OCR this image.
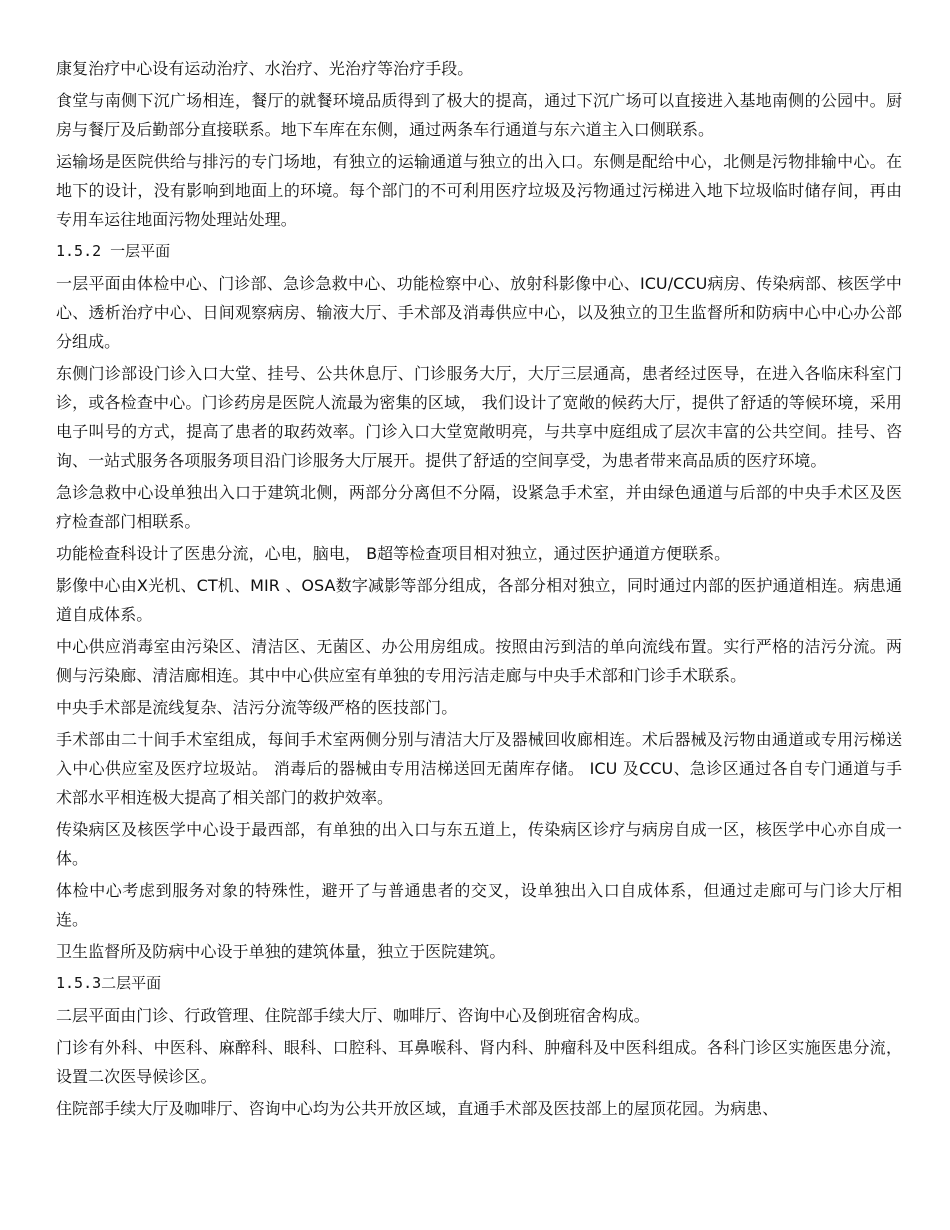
康复治疗中心设有运动治疗、水治疗、光治疗等治疗手段。

食堂与南侧下沉广场相连，餐厅的就餐环境品质得到了极大的提高，通过下沉广场可以直接进入基地南侧的公园中。厨房与餐厅及后勤部分直接联系。地下车库在东侧，通过两条车行通道与东六道主入口侧联系。

运输场是医院供给与排污的专门场地，有独立的运输通道与独立的出入口。东侧是配给中心，北侧是污物排输中心。在地下的设计，没有影响到地面上的环境。每个部门的不可利用医疗垃圾及污物通过污梯进入地下垃圾临时储存间，再由专用车运往地面污物处理站处理。

1.5.2 一层平面

一层平面由体检中心、门诊部、急诊急救中心、功能检察中心、放射科影像中心、ICU/CCU病房、传染病部、核医学中心、透析治疗中心、日间观察病房、输液大厅、手术部及消毒供应中心，以及独立的卫生监督所和防病中心中心办公部分组成。

东侧门诊部设门诊入口大堂、挂号、公共休息厅、门诊服务大厅，大厅三层通高，患者经过医导，在进入各临床科室门诊，或各检查中心。门诊药房是医院人流最为密集的区域， 我们设计了宽敞的候药大厅，提供了舒适的等候环境，采用电子叫号的方式，提高了患者的取药效率。门诊入口大堂宽敞明亮，与共享中庭组成了层次丰富的公共空间。挂号、咨询、一站式服务各项服务项目沿门诊服务大厅展开。提供了舒适的空间享受，为患者带来高品质的医疗环境。

急诊急救中心设单独出入口于建筑北侧，两部分分离但不分隔，设紧急手术室，并由绿色通道与后部的中央手术区及医疗检查部门相联系。

功能检查科设计了医患分流，心电，脑电， B超等检查项目相对独立，通过医护通道方便联系。

影像中心由X光机、CT机、MIR 、OSA数字减影等部分组成，各部分相对独立，同时通过内部的医护通道相连。病患通道自成体系。

中心供应消毒室由污染区、清洁区、无菌区、办公用房组成。按照由污到洁的单向流线布置。实行严格的洁污分流。两侧与污染廊、清洁廊相连。其中中心供应室有单独的专用污洁走廊与中央手术部和门诊手术联系。

中央手术部是流线复杂、洁污分流等级严格的医技部门。

手术部由二十间手术室组成，每间手术室两侧分别与清洁大厅及器械回收廊相连。术后器械及污物由通道或专用污梯送入中心供应室及医疗垃圾站。 消毒后的器械由专用洁梯送回无菌库存储。 ICU 及CCU、急诊区通过各自专门通道与手术部水平相连极大提高了相关部门的救护效率。

传染病区及核医学中心设于最西部，有单独的出入口与东五道上，传染病区诊疗与病房自成一区，核医学中心亦自成一体。

体检中心考虑到服务对象的特殊性，避开了与普通患者的交叉，设单独出入口自成体系，但通过走廊可与门诊大厅相连。

卫生监督所及防病中心设于单独的建筑体量，独立于医院建筑。

1.5.3二层平面

二层平面由门诊、行政管理、住院部手续大厅、咖啡厅、咨询中心及倒班宿舍构成。

门诊有外科、中医科、麻醉科、眼科、口腔科、耳鼻喉科、肾内科、肿瘤科及中医科组成。各科门诊区实施医患分流，设置二次医导候诊区。

住院部手续大厅及咖啡厅、咨询中心均为公共开放区域，直通手术部及医技部上的屋顶花园。为病患、
